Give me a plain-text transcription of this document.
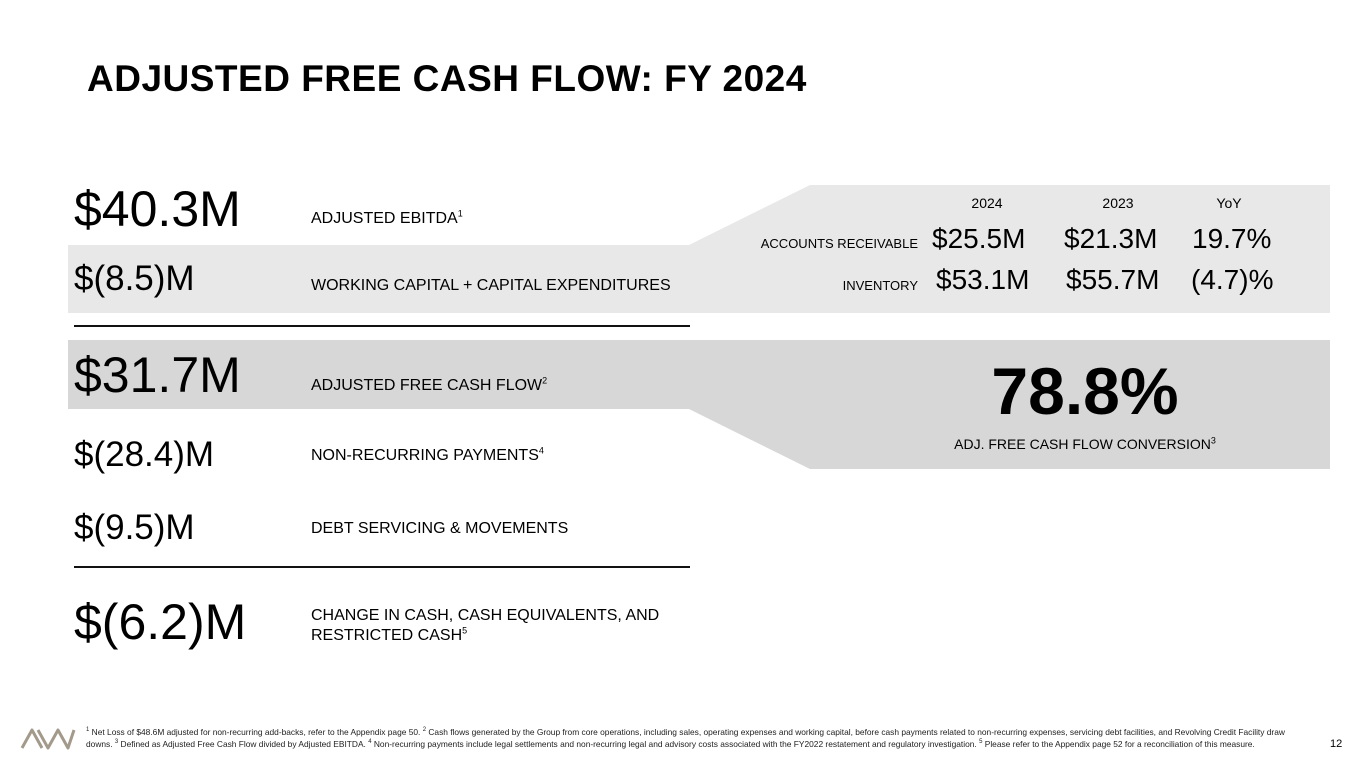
ADJUSTED FREE CASH FLOW: FY 2024
$40.3M	ADJUSTED EBITDA$^1$
$(8.5)M	WORKING CAPITAL + CAPITAL EXPENDITURES
$31.7M	ADJUSTED FREE CASH FLOW$^2$
$(28.4)M	NON-RECURRING PAYMENTS$^4$
$(9.5)M	DEBT SERVICING & MOVEMENTS
$(6.2)M	CHANGE IN CASH, CASH EQUIVALENTS, AND
RESTRICTED CASH$^5$
2024	2023	YoY
ACCOUNTS RECEIVABLE $25.5M $21.3M 19.7%
INVENTORY $53.1M $55.7M (4.7)%
78.8%
ADJ. FREE CASH FLOW CONVERSION$^3$
$^1$ Net Loss of $48.6M adjusted for non-recurring add-backs, refer to the Appendix page 50. $^2$ Cash flows generated by the Group from core operations, including sales, operating expenses and working capital, before cash payments related to non-recurring expenses, servicing debt facilities, and Revolving Credit Facility draw downs. $^3$ Defined as Adjusted Free Cash Flow divided by Adjusted EBITDA. $^4$ Non-recurring payments include legal settlements and non-recurring legal and advisory costs associated with the FY2022 restatement and regulatory investigation. $^5$ Please refer to the Appendix page 52 for a reconciliation of this measure.	12
